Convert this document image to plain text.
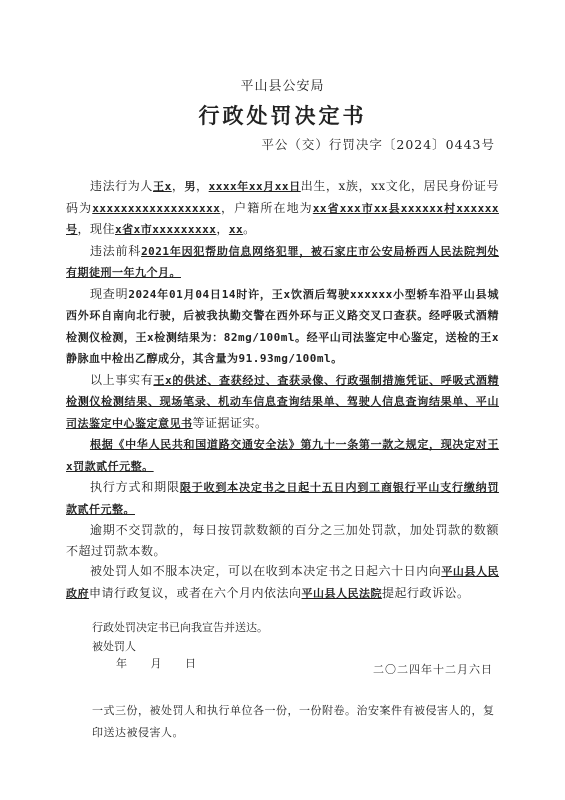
平山县公安局
行政处罚决定书
平公（交）行罚决字〔2024〕0443号

违法行为人王x，男，xxxx年xx月xx日出生，x族，xx文化，居民身份证号码为xxxxxxxxxxxxxxxxxx，户籍所在地为xx省xxx市xx县xxxxxx村xxxxxx号，现住x省x市xxxxxxxxx，xx。

违法前科2021年因犯帮助信息网络犯罪，被石家庄市公安局桥西人民法院判处有期徒刑一年九个月。

现查明2024年01月04日14时许，王x饮酒后驾驶xxxxxx小型轿车沿平山县城西外环自南向北行驶，后被我执勤交警在西外环与正义路交叉口查获。经呼吸式酒精检测仪检测，王x检测结果为：82mg/100ml。经平山司法鉴定中心鉴定，送检的王x静脉血中检出乙醇成分，其含量为91.93mg/100ml。

以上事实有王x的供述、查获经过、查获录像、行政强制措施凭证、呼吸式酒精检测仪检测结果、现场笔录、机动车信息查询结果单、驾驶人信息查询结果单、平山司法鉴定中心鉴定意见书等证据证实。

根据《中华人民共和国道路交通安全法》第九十一条第一款之规定，现决定对王x罚款贰仟元整。

执行方式和期限限于收到本决定书之日起十五日内到工商银行平山支行缴纳罚款贰仟元整。

逾期不交罚款的，每日按罚款数额的百分之三加处罚款，加处罚款的数额不超过罚款本数。

被处罚人如不服本决定，可以在收到本决定书之日起六十日内向平山县人民政府申请行政复议，或者在六个月内依法向平山县人民法院提起行政诉讼。

行政处罚决定书已向我宣告并送达。
被处罚人
年 月 日	二〇二四年十二月六日
一式三份，被处罚人和执行单位各一份，一份附卷。治安案件有被侵害人的，复印送达被侵害人。
